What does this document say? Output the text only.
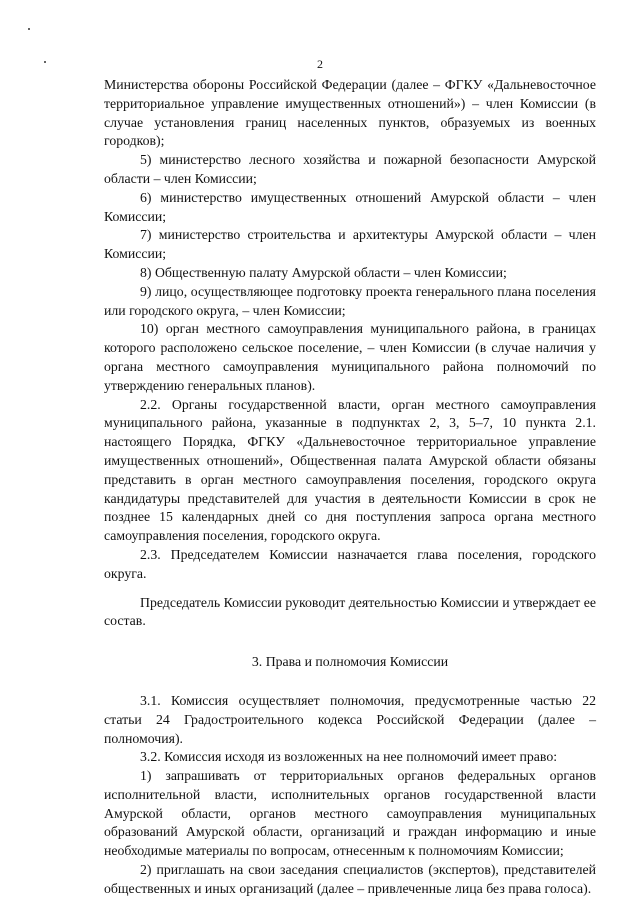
2

Министерства обороны Российской Федерации (далее – ФГКУ «Дальневосточное территориальное управление имущественных отношений») – член Комиссии (в случае установления границ населенных пунктов, образуемых из военных городков);

5) министерство лесного хозяйства и пожарной безопасности Амурской области – член Комиссии;

6) министерство имущественных отношений Амурской области – член Комиссии;

7) министерство строительства и архитектуры Амурской области – член Комиссии;

8) Общественную палату Амурской области – член Комиссии;

9) лицо, осуществляющее подготовку проекта генерального плана поселения или городского округа, – член Комиссии;

10) орган местного самоуправления муниципального района, в границах которого расположено сельское поселение, – член Комиссии (в случае наличия у органа местного самоуправления муниципального района полномочий по утверждению генеральных планов).

2.2. Органы государственной власти, орган местного самоуправления муниципального района, указанные в подпунктах 2, 3, 5–7, 10 пункта 2.1. настоящего Порядка, ФГКУ «Дальневосточное территориальное управление имущественных отношений», Общественная палата Амурской области обязаны представить в орган местного самоуправления поселения, городского округа кандидатуры представителей для участия в деятельности Комиссии в срок не позднее 15 календарных дней со дня поступления запроса органа местного самоуправления поселения, городского округа.

2.3. Председателем Комиссии назначается глава поселения, городского округа.

Председатель Комиссии руководит деятельностью Комиссии и утверждает ее состав.

3. Права и полномочия Комиссии

3.1. Комиссия осуществляет полномочия, предусмотренные частью 22 статьи 24 Градостроительного кодекса Российской Федерации (далее – полномочия).

3.2. Комиссия исходя из возложенных на нее полномочий имеет право:

1) запрашивать от территориальных органов федеральных органов исполнительной власти, исполнительных органов государственной власти Амурской области, органов местного самоуправления муниципальных образований Амурской области, организаций и граждан информацию и иные необходимые материалы по вопросам, отнесенным к полномочиям Комиссии;

2) приглашать на свои заседания специалистов (экспертов), представителей общественных и иных организаций (далее – привлеченные лица без права голоса).
